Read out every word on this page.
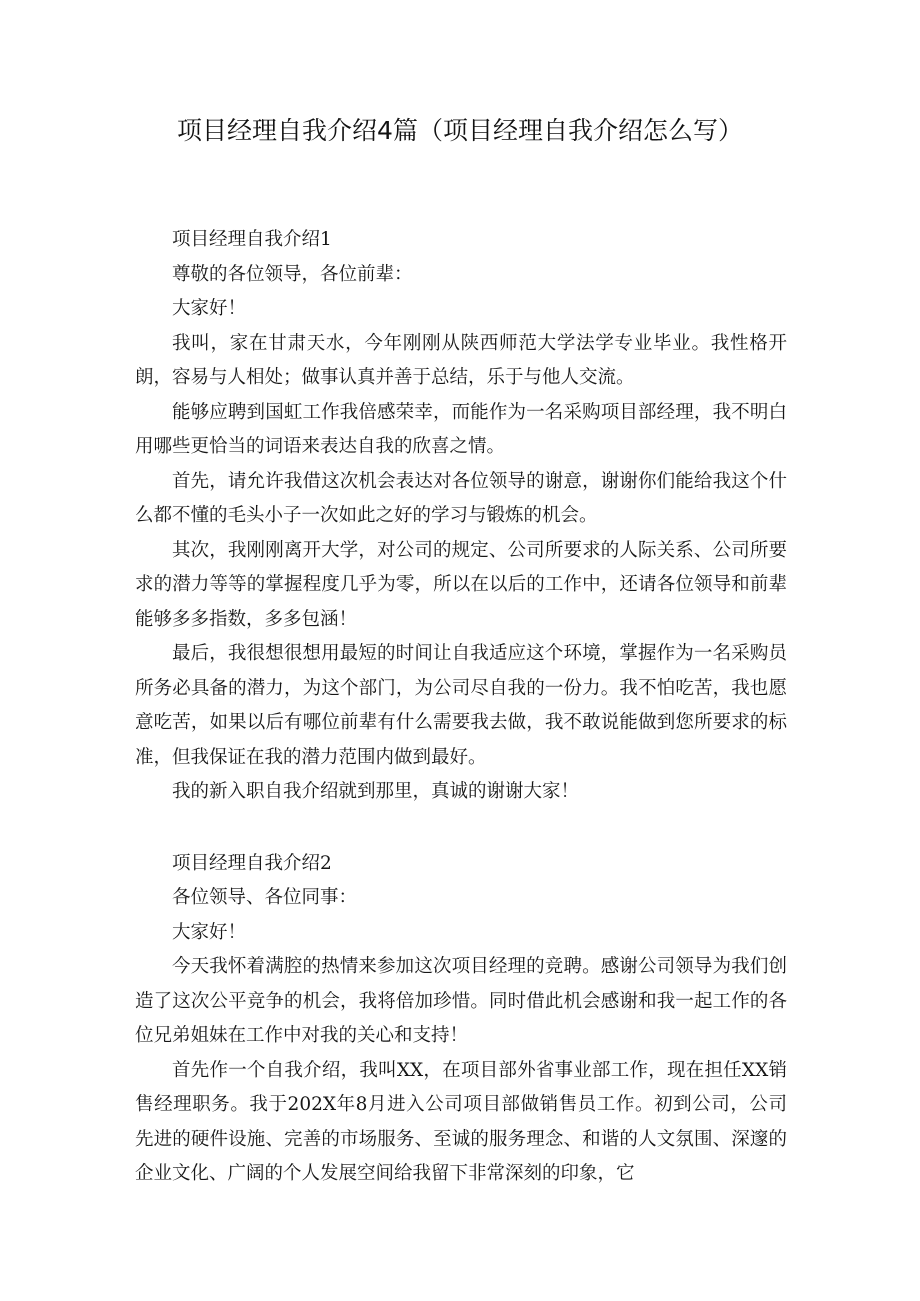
项目经理自我介绍4篇（项目经理自我介绍怎么写）

项目经理自我介绍1

尊敬的各位领导，各位前辈：

大家好！

我叫，家在甘肃天水，今年刚刚从陕西师范大学法学专业毕业。我性格开朗，容易与人相处；做事认真并善于总结，乐于与他人交流。

能够应聘到国虹工作我倍感荣幸，而能作为一名采购项目部经理，我不明白用哪些更恰当的词语来表达自我的欣喜之情。

首先，请允许我借这次机会表达对各位领导的谢意，谢谢你们能给我这个什么都不懂的毛头小子一次如此之好的学习与锻炼的机会。

其次，我刚刚离开大学，对公司的规定、公司所要求的人际关系、公司所要求的潜力等等的掌握程度几乎为零，所以在以后的工作中，还请各位领导和前辈能够多多指数，多多包涵！

最后，我很想很想用最短的时间让自我适应这个环境，掌握作为一名采购员所务必具备的潜力，为这个部门，为公司尽自我的一份力。我不怕吃苦，我也愿意吃苦，如果以后有哪位前辈有什么需要我去做，我不敢说能做到您所要求的标准，但我保证在我的潜力范围内做到最好。

我的新入职自我介绍就到那里，真诚的谢谢大家！

项目经理自我介绍2

各位领导、各位同事：

大家好！

今天我怀着满腔的热情来参加这次项目经理的竞聘。感谢公司领导为我们创造了这次公平竞争的机会，我将倍加珍惜。同时借此机会感谢和我一起工作的各位兄弟姐妹在工作中对我的关心和支持！

首先作一个自我介绍，我叫XX，在项目部外省事业部工作，现在担任XX销售经理职务。我于202X年8月进入公司项目部做销售员工作。初到公司，公司先进的硬件设施、完善的市场服务、至诚的服务理念、和谐的人文氛围、深邃的企业文化、广阔的个人发展空间给我留下非常深刻的印象，它
